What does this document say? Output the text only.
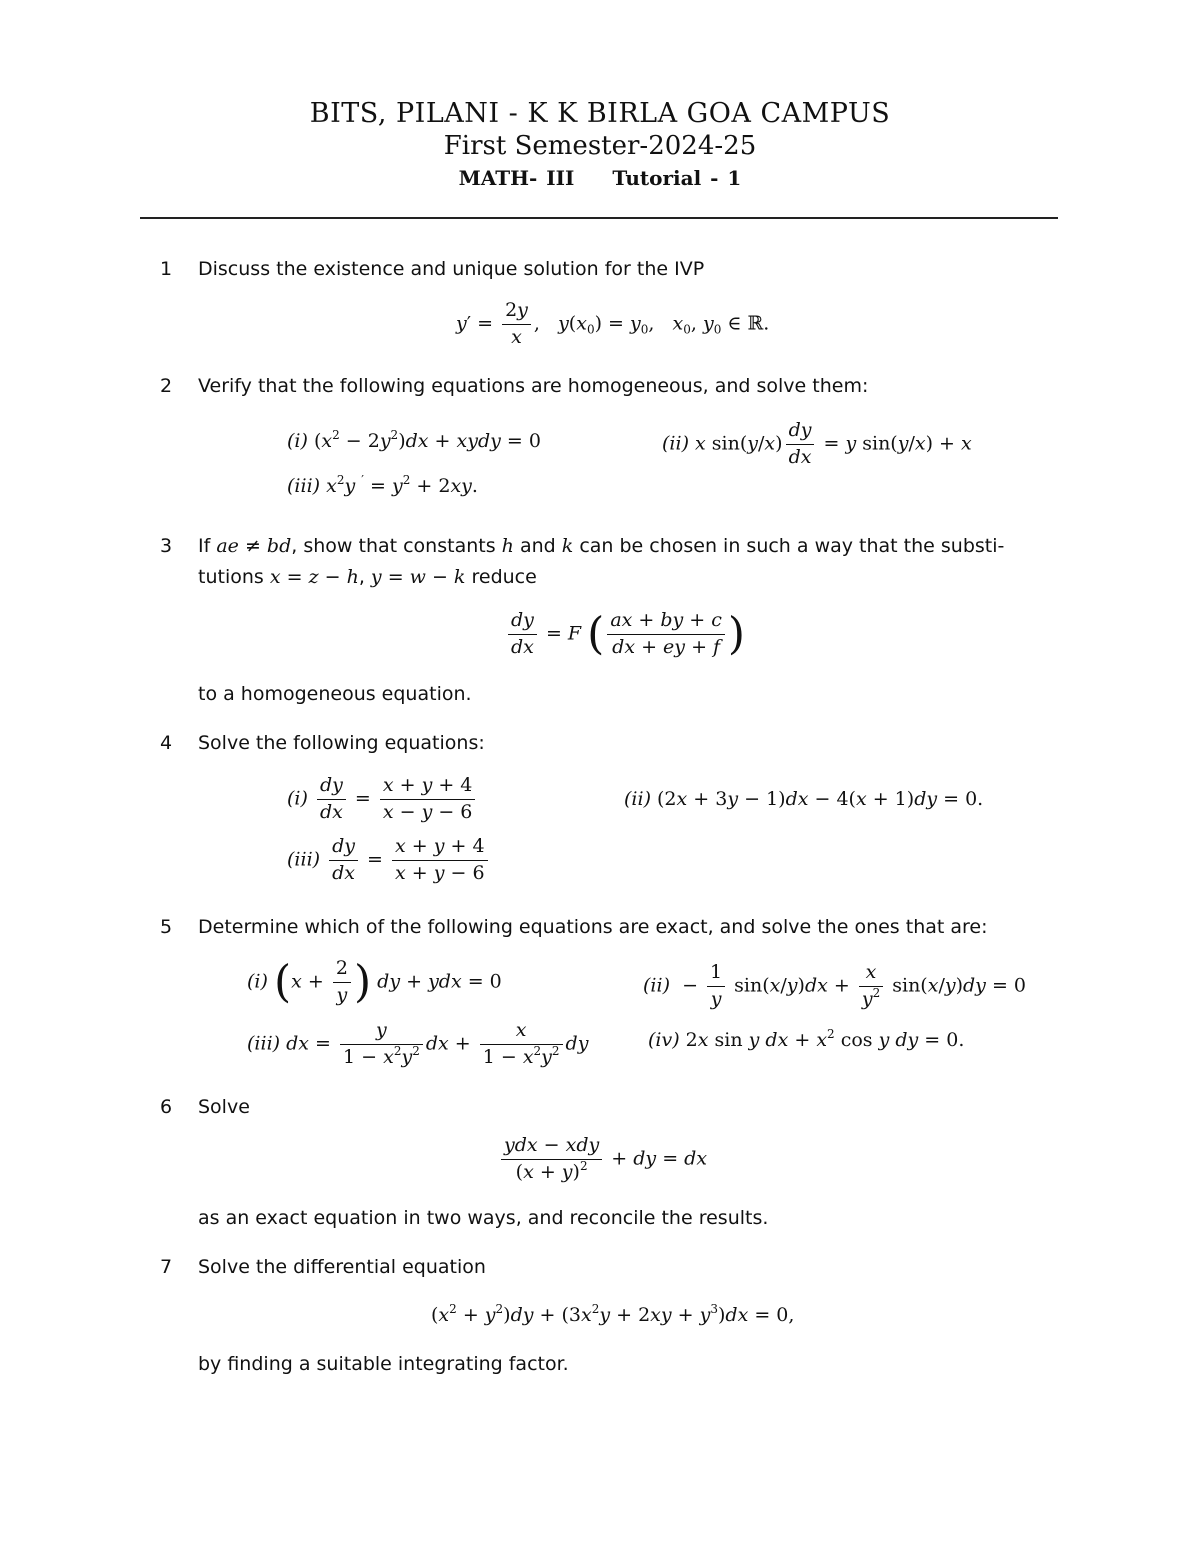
BITS, PILANI - K K BIRLA GOA CAMPUS
First Semester-2024-25
MATH- III Tutorial - 1
1 Discuss the existence and unique solution for the IVP
$y' = \frac{2y}{x}$ ,   $y(x_0) = y_0$,   $x_0$, $y_0$ ∈ ℝ.
2 Verify that the following equations are homogeneous, and solve them:
(i) $(x^2 - 2y^2)dx$ + xydy = 0	(ii) x $\sin(y/x) \frac{dy}{dx} = y$ sin(y/x) + x
(iii) $x^2y$ $' = y^2 + 2xy$.
3 If ae ≠ bd, show that constants h and k can be chosen in such a way that the substi-
tutions x = z − h, y = w − k reduce
$\frac{dy}{dx} = F$ ( $\frac{ax + by + c}{dx + ey + f}$ )
to a homogeneous equation.
4 Solve the following equations:
$(i) \frac{dy}{dx} = \frac{x + y + 4}{x - y - 6}$	(ii) (2x + 3y − 1)dx − 4(x + 1)dy = 0.
$(iii) \frac{dy}{dx} = \frac{x + y + 4}{x + y - 6}$
5 Determine which of the following equations are exact, and solve the ones that are:
(i) ($x + \frac{2}{y}$ ) dy + ydx = 0	$(ii) - \frac{1}{y} \sin(x/y)dx + \frac{x}{y^2} \sin(x/y)dy = 0$
(iii) dx = $\frac{y}{1 - x^2y^2}$ dx + $\frac{x}{1 - x^2y^2}$ dy	(iv) 2x sin y dx + $x^2$ cos y dy = 0.
6 Solve
$\frac{\text{ydx − xdy}}{(x + y)^2}$ + dy = dx
as an exact equation in two ways, and reconcile the results.
7 Solve the differential equation
$(x^2 + y^2)dy + (3x^2y + 2xy + y^3)dx = 0$,
by finding a suitable integrating factor.
